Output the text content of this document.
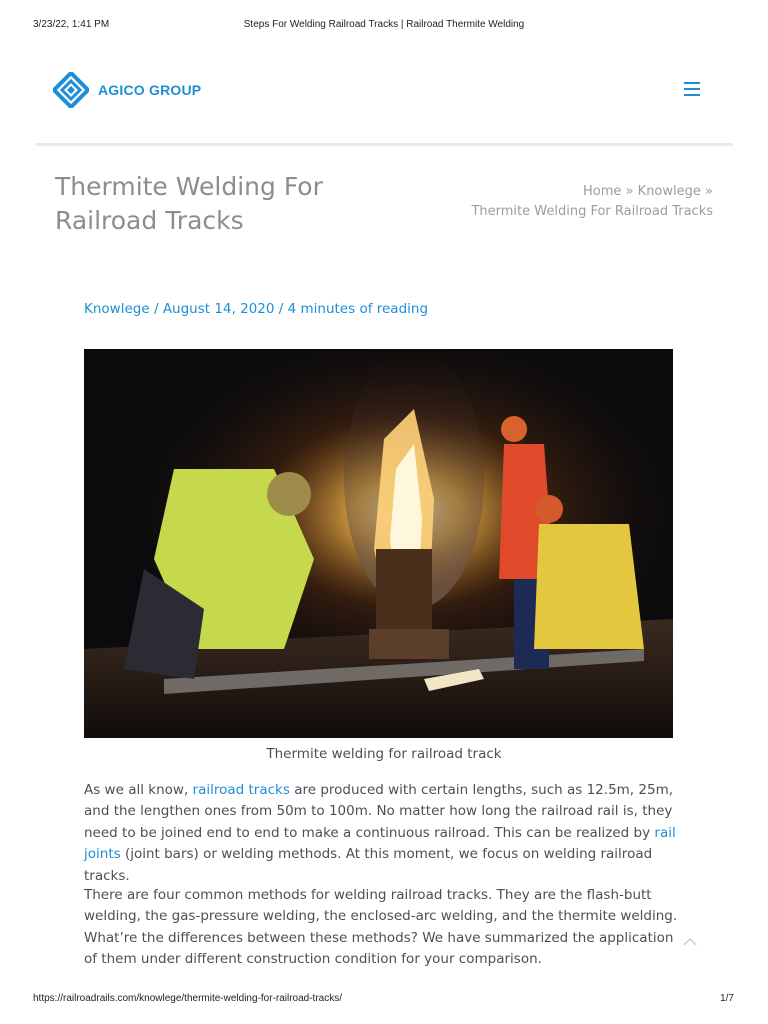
3/23/22, 1:41 PM	Steps For Welding Railroad Tracks | Railroad Thermite Welding
AGICO GROUP
Thermite Welding For Railroad Tracks
Home » Knowlege »
Thermite Welding For Railroad Tracks
Knowlege / August 14, 2020 / 4 minutes of reading
Thermite welding for railroad track

As we all know, railroad tracks are produced with certain lengths, such as 12.5m, 25m, and the lengthen ones from 50m to 100m. No matter how long the railroad rail is, they need to be joined end to end to make a continuous railroad. This can be realized by rail joints (joint bars) or welding methods. At this moment, we focus on welding railroad tracks.

There are four common methods for welding railroad tracks. They are the flash-butt welding, the gas-pressure welding, the enclosed-arc welding, and the thermite welding. What’re the differences between these methods? We have summarized the application of them under different construction condition for your comparison.

https://railroadrails.com/knowlege/thermite-welding-for-railroad-tracks/	1/7
